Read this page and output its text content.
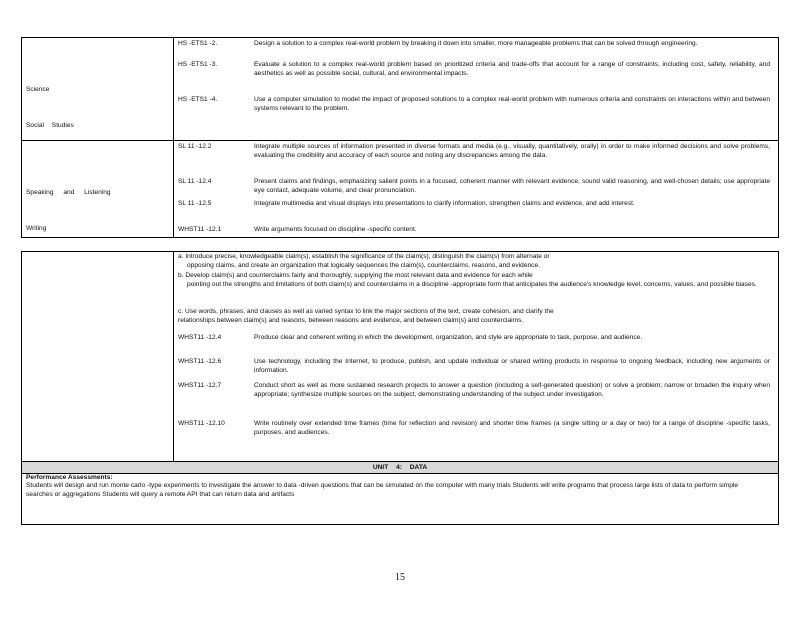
Science
Social Studies
HS -ETS1 -2.	Design a solution to a complex real-world problem by breaking it down into smaller, more manageable problems that can be solved through engineering.
HS -ETS1 -3.	Evaluate a solution to a complex real-world problem based on prioritized criteria and trade-offs that account for a range of constraints, including cost, safety, reliability, and aesthetics as well as possible social, cultural, and environmental impacts.
HS -ETS1 -4.	Use a computer simulation to model the impact of proposed solutions to a complex real-world problem with numerous criteria and constraints on interactions within and between systems relevant to the problem.
Speaking and Listening
Writing
SL 11 -12.2	Integrate multiple sources of information presented in diverse formats and media (e.g., visually, quantitatively, orally) in order to make informed decisions and solve problems, evaluating the credibility and accuracy of each source and noting any discrepancies among the data.
SL 11 -12.4	Present claims and findings, emphasizing salient points in a focused, coherent manner with relevant evidence, sound valid reasoning, and well-chosen details; use appropriate eye contact, adequate volume, and clear pronunciation.
SL 11 -12.5	Integrate multimedia and visual displays into presentations to clarify information, strengthen claims and evidence, and add interest.
WHST11 -12.1	Write arguments focused on discipline -specific content.
a. Introduce precise, knowledgeable claim(s), establish the significance of the claim(s), distinguish the claim(s) from alternate or
opposing claims, and create an organization that logically sequences the claim(s), counterclaims, reasons, and evidence.
b. Develop claim(s) and counterclaims fairly and thoroughly, supplying the most relevant data and evidence for each while
pointing out the strengths and limitations of both claim(s) and counterclaims in a discipline -appropriate form that anticipates the audience's knowledge level, concerns, values, and possible biases.
c. Use words, phrases, and clauses as well as varied syntax to link the major sections of the text, create cohesion, and clarify the
relationships between claim(s) and reasons, between reasons and evidence, and between claim(s) and counterclaims.
WHST11 -12.4	Produce clear and coherent writing in which the development, organization, and style are appropriate to task, purpose, and audience.
WHST11 -12.6	Use technology, including the Internet, to produce, publish, and update individual or shared writing products in response to ongoing feedback, including new arguments or information.
WHST11 -12.7	Conduct short as well as more sustained research projects to answer a question (including a self-generated question) or solve a problem; narrow or broaden the inquiry when appropriate; synthesize multiple sources on the subject, demonstrating understanding of the subject under investigation.
WHST11 -12.10	Write routinely over extended time frames (time for reflection and revision) and shorter time frames (a single sitting or a day or two) for a range of discipline -specific tasks, purposes, and audiences.
UNIT 4: DATA
Performance Assessments:
Students will design and run monte carlo -type experiments to investigate the answer to data -driven questions that can be simulated on the computer with many trials Students will write programs that process large lists of data to perform simple searches or aggregations Students will query a remote API that can return data and artifacts
15
